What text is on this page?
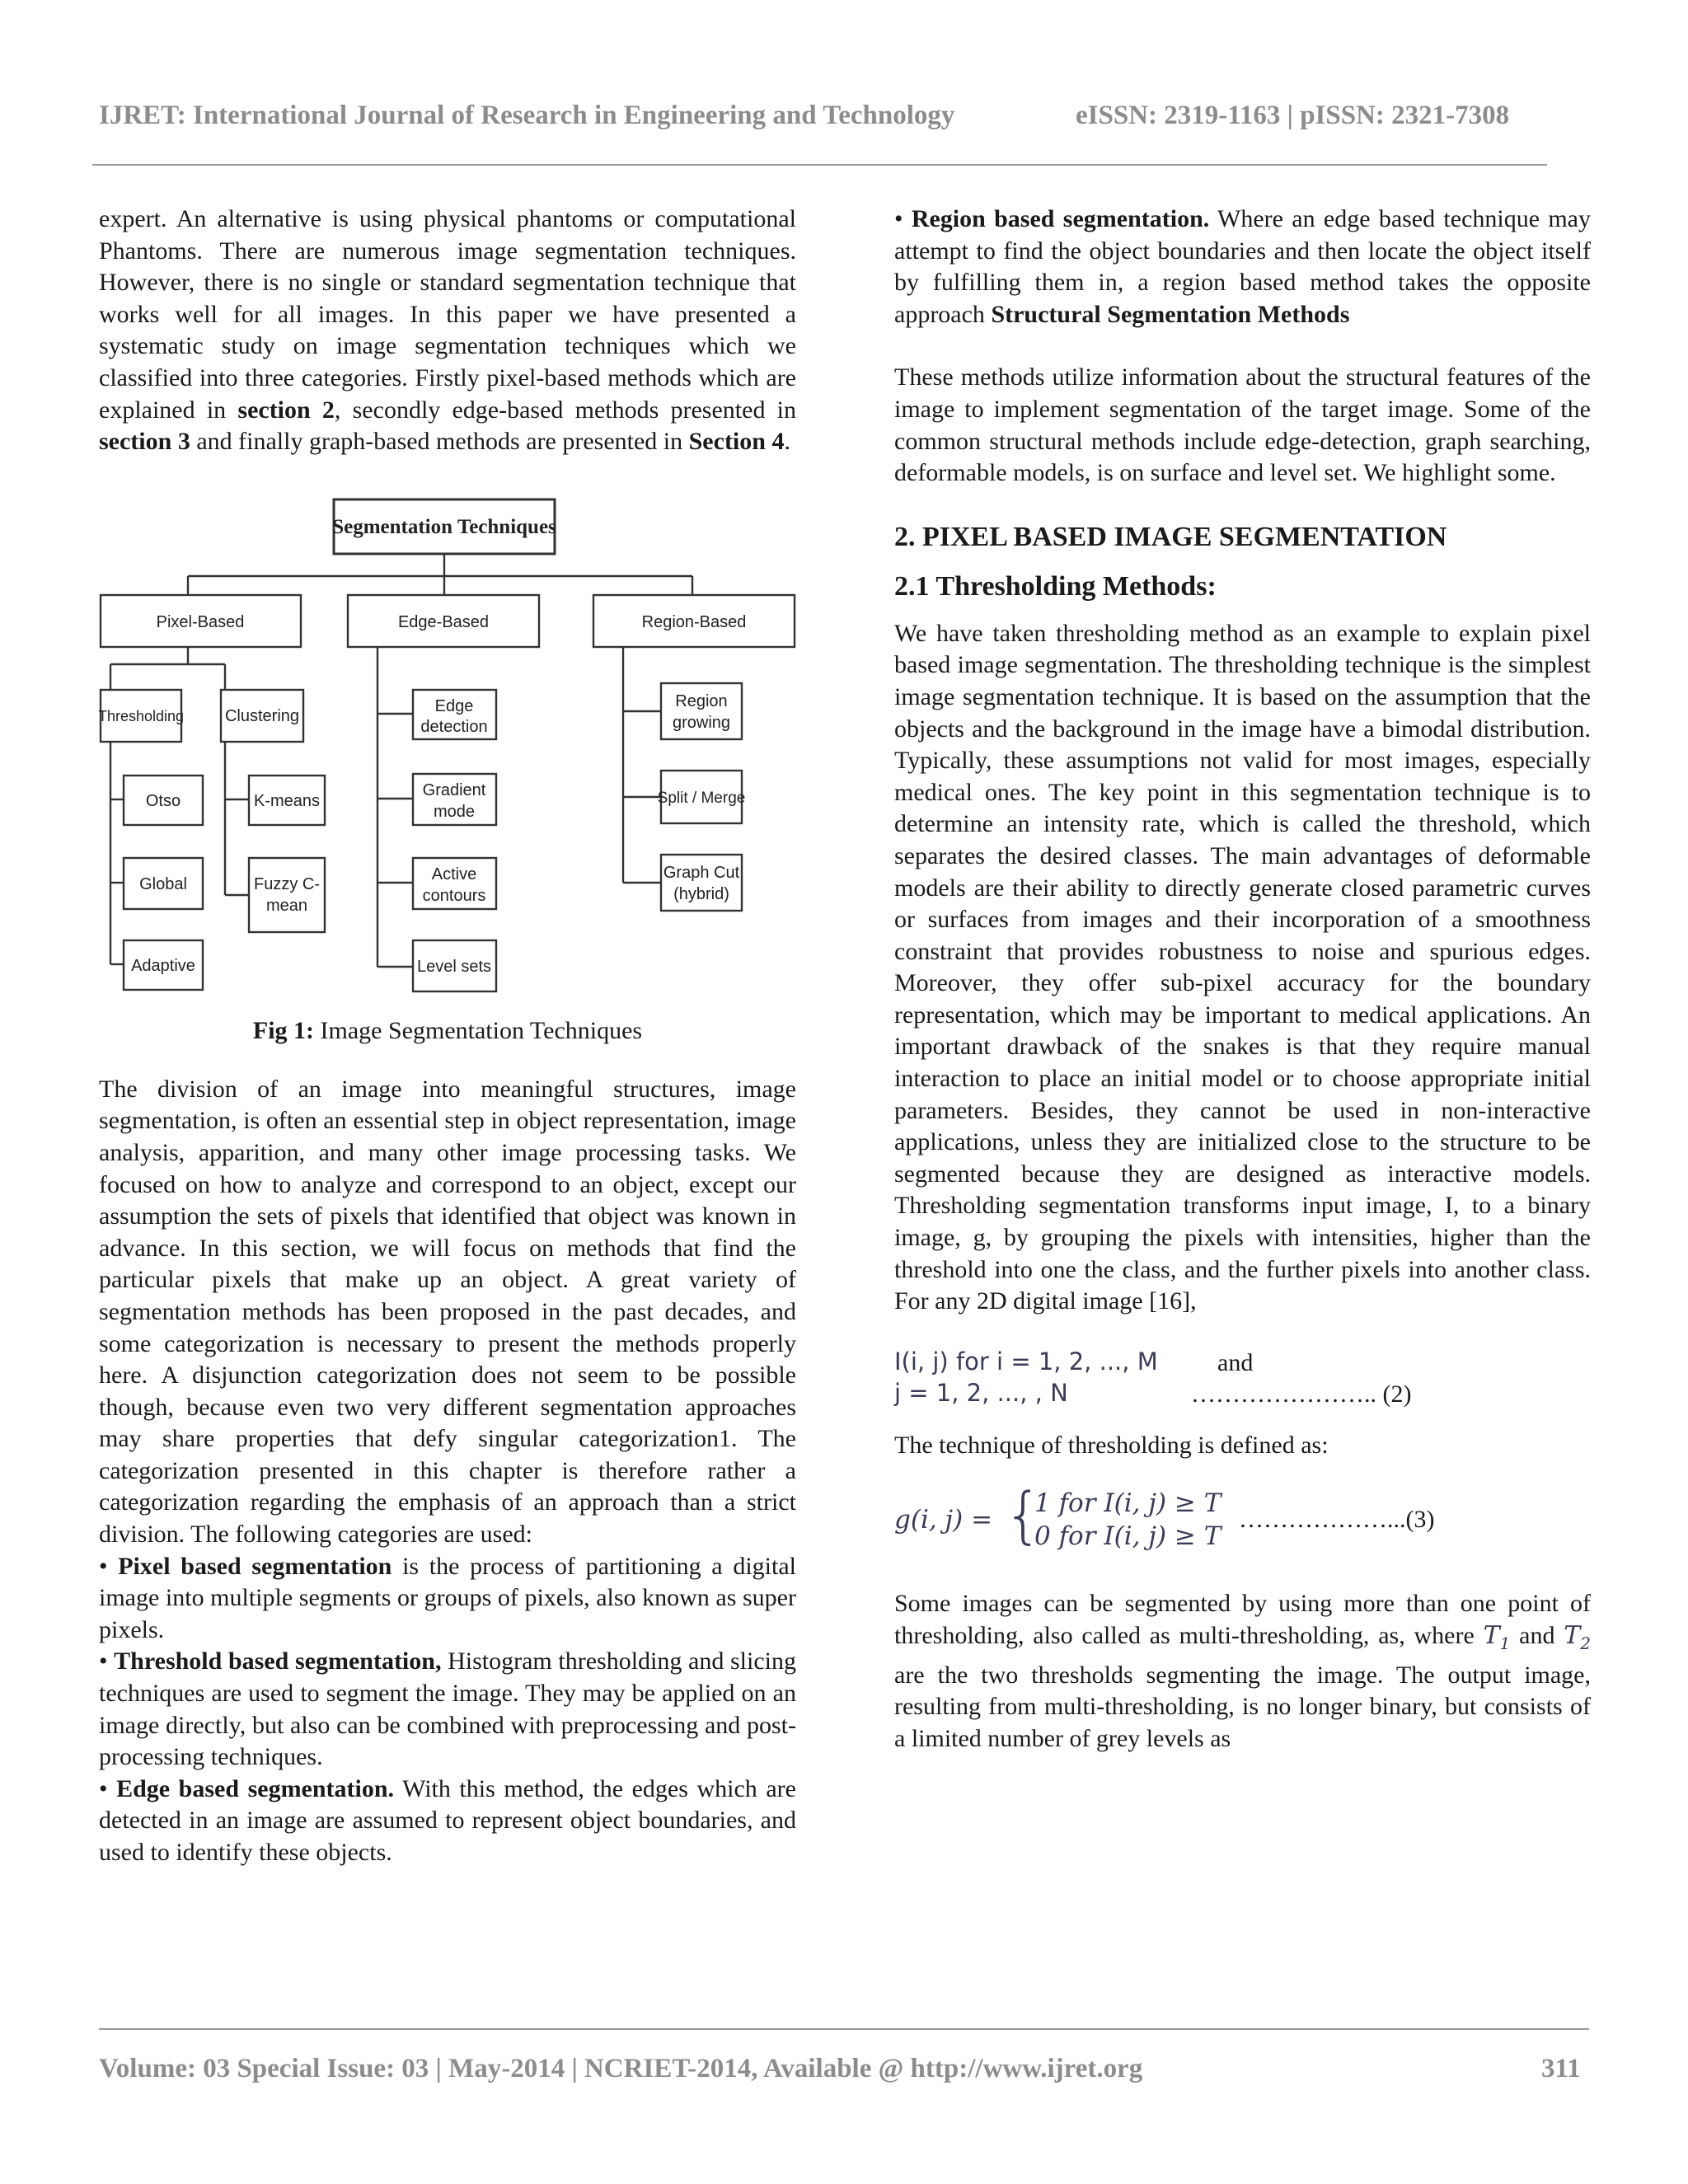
IJRET: International Journal of Research in Engineering and Technology	eISSN: 2319-1163 | pISSN: 2321-7308

expert. An alternative is using physical phantoms or computational Phantoms. There are numerous image segmentation techniques. However, there is no single or standard segmentation technique that works well for all images. In this paper we have presented a systematic study on image segmentation techniques which we classified into three categories. Firstly pixel-based methods which are explained in section 2, secondly edge-based methods presented in section 3 and finally graph-based methods are presented in Section 4.

Segmentation Techniques
Pixel-Based	Edge-Based	Region-Based
Thresholding Clustering
Otso
Global
Adaptive
K-means
Fuzzy C-
mean
Edge
detection
Gradient
mode
Active
contours
Level sets
Region
growing
Split / Merge
Graph Cut
(hybrid)
Fig 1: Image Segmentation Techniques

The division of an image into meaningful structures, image segmentation, is often an essential step in object representation, image analysis, apparition, and many other image processing tasks. We focused on how to analyze and correspond to an object, except our assumption the sets of pixels that identified that object was known in advance. In this section, we will focus on methods that find the particular pixels that make up an object. A great variety of segmentation methods has been proposed in the past decades, and some categorization is necessary to present the methods properly here. A disjunction categorization does not seem to be possible though, because even two very different segmentation approaches may share properties that defy singular categorization1. The categorization presented in this chapter is therefore rather a categorization regarding the emphasis of an approach than a strict division. The following categories are used:

• Pixel based segmentation is the process of partitioning a digital image into multiple segments or groups of pixels, also known as super pixels.

• Threshold based segmentation, Histogram thresholding and slicing techniques are used to segment the image. They may be applied on an image directly, but also can be combined with preprocessing and post-processing techniques.

• Edge based segmentation. With this method, the edges which are detected in an image are assumed to represent object boundaries, and used to identify these objects.

• Region based segmentation. Where an edge based technique may attempt to find the object boundaries and then locate the object itself by fulfilling them in, a region based method takes the opposite approach Structural Segmentation Methods

These methods utilize information about the structural features of the image to implement segmentation of the target image. Some of the common structural methods include edge-detection, graph searching, deformable models, is on surface and level set. We highlight some.

2. PIXEL BASED IMAGE SEGMENTATION
2.1 Thresholding Methods:

We have taken thresholding method as an example to explain pixel based image segmentation. The thresholding technique is the simplest image segmentation technique. It is based on the assumption that the objects and the background in the image have a bimodal distribution. Typically, these assumptions not valid for most images, especially medical ones. The key point in this segmentation technique is to determine an intensity rate, which is called the threshold, which separates the desired classes. The main advantages of deformable models are their ability to directly generate closed parametric curves or surfaces from images and their incorporation of a smoothness constraint that provides robustness to noise and spurious edges. Moreover, they offer sub-pixel accuracy for the boundary representation, which may be important to medical applications. An important drawback of the snakes is that they require manual interaction to place an initial model or to choose appropriate initial parameters. Besides, they cannot be used in non-interactive applications, unless they are initialized close to the structure to be segmented because they are designed as interactive models. Thresholding segmentation transforms input image, I, to a binary image, g, by grouping the pixels with intensities, higher than the threshold into one the class, and the further pixels into another class. For any 2D digital image [16],

I(i, j) for i = 1, 2, ..., M and
j = 1, 2, ..., , N	………………….. (2)

The technique of thresholding is defined as:

g(i, j) = {
1 for I(i, j) ≥ T
0 for I(i, j) ≥ T
………………...(3)

Some images can be segmented by using more than one point of thresholding, also called as multi-thresholding, as, where $T_1$ and $T_2$ are the two thresholds segmenting the image. The output image, resulting from multi-thresholding, is no longer binary, but consists of a limited number of grey levels as

Volume: 03 Special Issue: 03 | May-2014 | NCRIET-2014, Available @ http://www.ijret.org	311
